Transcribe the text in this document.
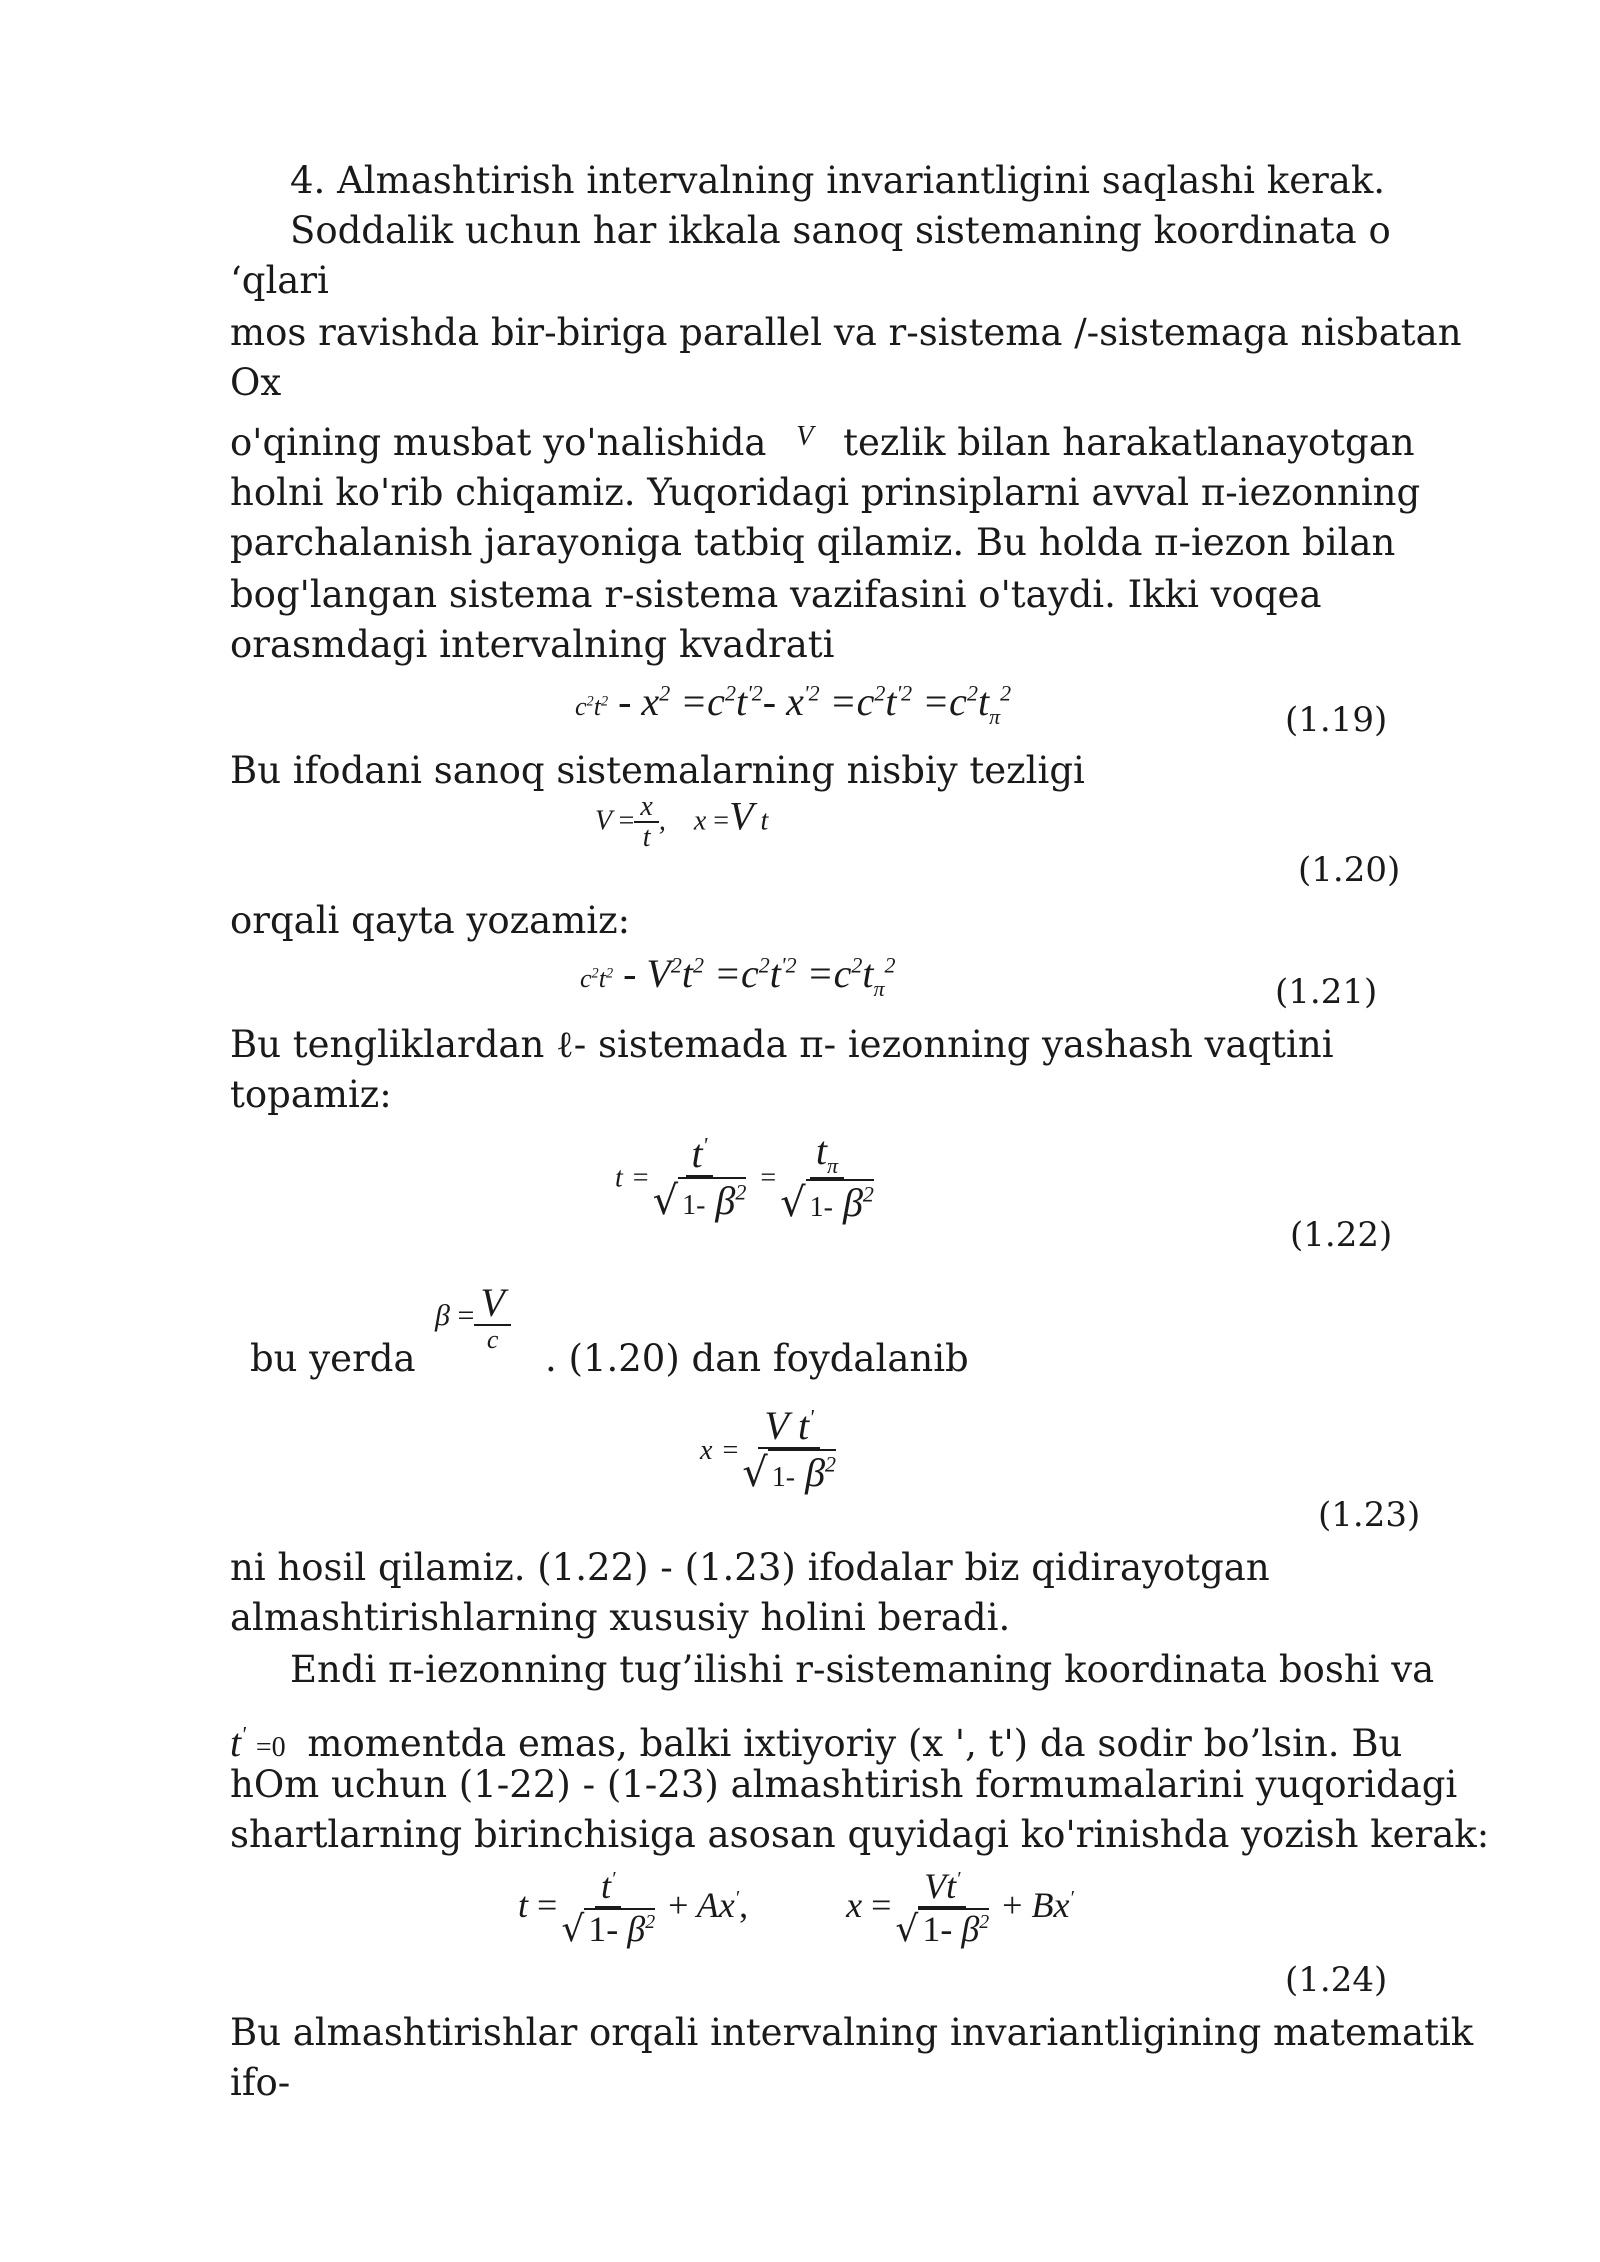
4. Almashtirish intervalning invariantligini saqlashi kerak.
Soddalik uchun har ikkala sanoq sistemaning koordinata o
‘qlari
mos ravishda bir-biriga parallel va r-sistema /-sistemaga nisbatan
Ox
o'qining musbat yo'nalishida $^V$ tezlik bilan harakatlanayotgan
holni ko'rib chiqamiz. Yuqoridagi prinsiplarni avval π-iezonning
parchalanish jarayoniga tatbiq qilamiz. Bu holda π-iezon bilan
bog'langan sistema r-sistema vazifasini o'taydi. Ikki voqea
orasmdagi intervalning kvadrati
$c^2t^2 - x^2 =c^2t^{'2}-$ $x^{'2} =c^2t^{'2} =c^2t_\pi^2$
(1.19)
Bu ifodani sanoq sistemalarning nisbiy tezligi
$V = \frac{x}{t}$ ,    x =V t
(1.20)
orqali qayta yozamiz:
$c^2t^2 - V^2t^2 =c^2t^{'2} =c^2t_\pi^2$
(1.21)
Bu tengliklardan ℓ- sistemada π- iezonning yashash vaqtini
topamiz:
$t = \frac{t'}{√ 1- \beta^2} = \frac{t_\pi}{√ 1- \beta^2}$
(1.22)
bu yerda
$\beta = \frac{V}{c}$
. (1.20) dan foydalanib
$x = \frac{V t'}{√ 1- \beta^2}$
(1.23)
ni hosil qilamiz. (1.22) - (1.23) ifodalar biz qidirayotgan
almashtirishlarning xususiy holini beradi.
Endi π-iezonning tug’ilishi r-sistemaning koordinata boshi va
t' =0 momentda emas, balki ixtiyoriy (x ', t') da sodir bo’lsin. Bu
hOm uchun (1-22) - (1-23) almashtirish formumalarini yuqoridagi
shartlarning birinchisiga asosan quyidagi ko'rinishda yozish kerak:
$t = \frac{t'}{√ 1- \beta^2} + Ax'$,  $x = \frac{Vt'}{√ 1- \beta^2} + Bx'$
(1.24)
Bu almashtirishlar orqali intervalning invariantligining matematik
ifo-
